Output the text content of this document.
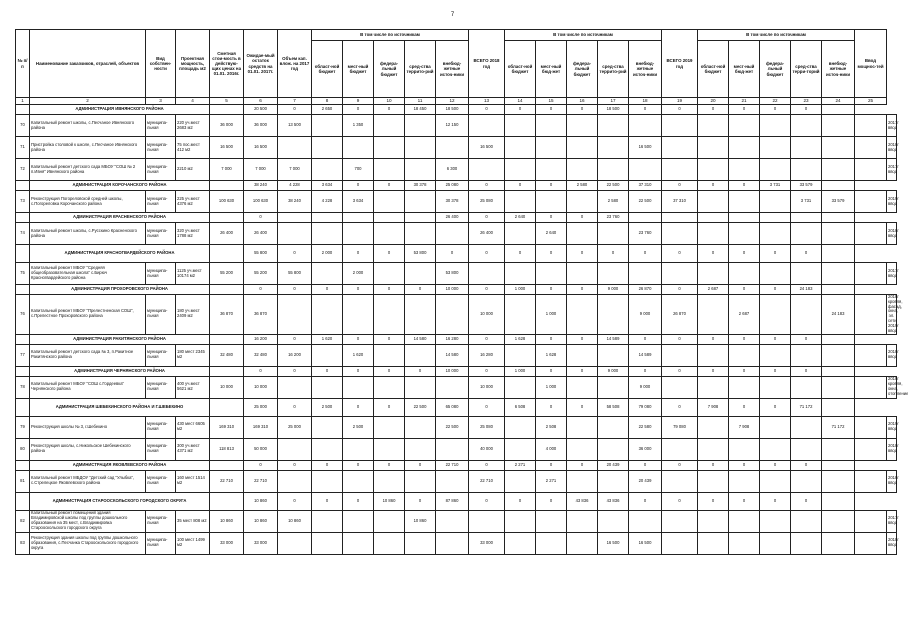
7
№ п/п	Наименование заказчиков, отраслей, объектов	Вид собствен-ности	Проектная мощность, площадь м2	Сметная стои-мость в действую-щих ценах на 01.01. 2016г.	Ожидае-мый остаток средств на 01.01. 2017г.	Объем кап. влож. на 2017 год	В том числе по источникам					ВСЕГО 2018 год	В том числе по источникам					ВСЕГО 2019 год	В том числе по источникам					Ввод мощнос-тей	
							област-ной бюджет	мест-ный бюджет	федера-льный бюджет	сред-ства террито-рий	внебюд-жетные источ-ники		област-ной бюджет	мест-ный бюд-жет	федера-льный бюджет	сред-ства террито-рий	внебюд-жетные источ-ники		област-ной бюджет	мест-ный бюд-жет	федера-льный бюджет	сред-ства терри-торий	внебюд-жетные источ-ники		
1	2	3	4	5	6	7	8	9	10	11	12	13	14	15	16	17	18	19	20	21	22	23	24	25	
	АДМИНИСТРАЦИЯ ИВНЯНСКОГО РАЙОНА				20 500	0	2 650	0	0	18 450	18 500	0	0	0	0	18 500	0	0	0	0	0	0			
70	Капитальный ремонт школы, с.Песчаное Ивнянского района	муниципа-льная	220 уч.мест 2683 м2	36 000	36 000	13 500		1 350			12 150														2017г ввод
71	Пристройка столовой к школе, с.Песчаное Ивнянского района	муниципа-льная	75 пос.мест 412 м2	16 500	16 500							16 500					16 500								2018г ввод
72	Капитальный ремонт детского сада МБОУ "СОШ № 2 п.Ивня" Ивнянского района	муниципа-льная	2210 м2	7 000	7 000	7 000		700			6 300														2017г ввод
	АДМИНИСТРАЦИЯ КОРОЧАНСКОГО РАЙОНА				38 240	4 228	3 634	0	0	30 378	25 080	0	0	0	2 580	22 500	37 310	0	0	0	3 731	33 579			
73	Реконструкция Погореловской средней школы, с.Погореловка Корочанского района	муниципа-льная	225 уч.мест 4376 м2	100 630	100 630	38 240	4 228	3 634			30 378	25 080				2 580	22 500	37 310				3 731	33 579		2019г ввод
	АДМИНИСТРАЦИЯ КРАСНЕНСКОГО РАЙОНА				0						26 400	0	2 640	0	0	23 760									
74	Капитальный ремонт школы, с.Русскино Красненского района	муниципа-льная	320 уч.мест 1788 м2	26 400	26 400							26 400		2 640			23 760								2018г ввод
	АДМИНИСТРАЦИЯ КРАСНОГВАРДЕЙСКОГО РАЙОНА				55 800	0	2 000	0	0	53 800	0	0	0	0	0	0	0	0	0	0	0	0			
75	Капитальный ремонт МБОУ "Средняя общеобразовательная школа" с.Бирюч Красногвардейского района	муниципа-льная	1125 уч.мест 10174 м2	55 200	55 200	55 800		2 000			53 800														2017г ввод
	АДМИНИСТРАЦИЯ ПРОХОРОВСКОГО РАЙОНА				0	0	0	0	0	0	10 000	0	1 000	0	0	9 000	26 870	0	2 687	0	0	24 183			
76	Капитальный ремонт МБОУ "Прелестненская СОШ", с.Прелестное Прохоровского района	муниципа-льная	180 уч.мест 2409 м2	36 870	36 870							10 000		1 000			9 000	26 870		2 687			24 183		2018г кровля, фасад, окна, эл. сети 2019г ввод
	АДМИНИСТРАЦИЯ РАКИТЯНСКОГО РАЙОНА				16 200	0	1 620	0	0	14 580	16 280	0	1 628	0	0	14 589	0	0	0	0	0	0			
77	Капитальный ремонт детского сада № 3, п.Ракитное Ракитянского района	муниципа-льная	180 мест 2345 м2	32 480	32 480	16 200		1 620			14 580	16 280		1 628			14 589								2018г ввод
	АДМИНИСТРАЦИЯ ЧЕРНЯНСКОГО РАЙОНА				0	0	0	0	0	0	10 000	0	1 000	0	0	9 000	0	0	0	0	0	0			
78	Капитальный ремонт МБОУ "СОШ с.Гордеевка" Чернянского района	муниципа-льная	400 уч.мест 5621 м2	10 000	10 000							10 000		1 000			9 000								2018г кровля, окна, отопление
	АДМИНИСТРАЦИЯ ШЕБЕКИНСКОГО РАЙОНА И Г.ШЕБЕКИНО				25 000	0	2 500	0	0	22 500	65 080	0	6 508	0	0	58 508	79 080	0	7 908	0	0	71 172			
79	Реконструкция школы № 3, г.Шебекино	муниципа-льная	430 мест 6605 м2	169 310	169 310	25 000		2 500			22 500	25 080		2 508			22 580	79 080		7 908			71 172		2019г ввод
80	Реконструкция школы, с.Никольское Шебекинского района	муниципа-льная	300 уч.мест 4371 м2	118 813	50 000							40 000		4 000			36 000								2018г ввод
	АДМИНИСТРАЦИЯ ЯКОВЛЕВСКОГО РАЙОНА				0	0	0	0	0	0	22 710	0	2 271	0	0	20 439	0	0	0	0	0	0			
81	Капитальный ремонт МБДОУ "Детский сад "Улыбка", с.Стрелецкое Яковлевского района	муниципа-льная	160 мест 1514 м2	22 710	22 710							22 710		2 271			20 439								2018г ввод
	АДМИНИСТРАЦИЯ СТАРООСКОЛЬСКОГО ГОРОДСКОГО ОКРУГА				10 860	0	0	0	10 860	0	87 860	0	0	0	43 836	43 836	0	0	0	0	0	0			
82	Капитальный ремонт помещений здания Владимировской школы под группы дошкольного образования на 35 мест, с.Владимировка Старооскольского городского округа	муниципа-льная	35 мест 808 м2	10 860	10 860	10 860				10 860															2017г ввод
83	Реконструкция здания школы под группы дошкольного образования, с.Песчанка Старооскольского городского округа	муниципа-льная	100 мест 1499 м2	33 000	33 000							33 000				16 500	16 500								2018г ввод
